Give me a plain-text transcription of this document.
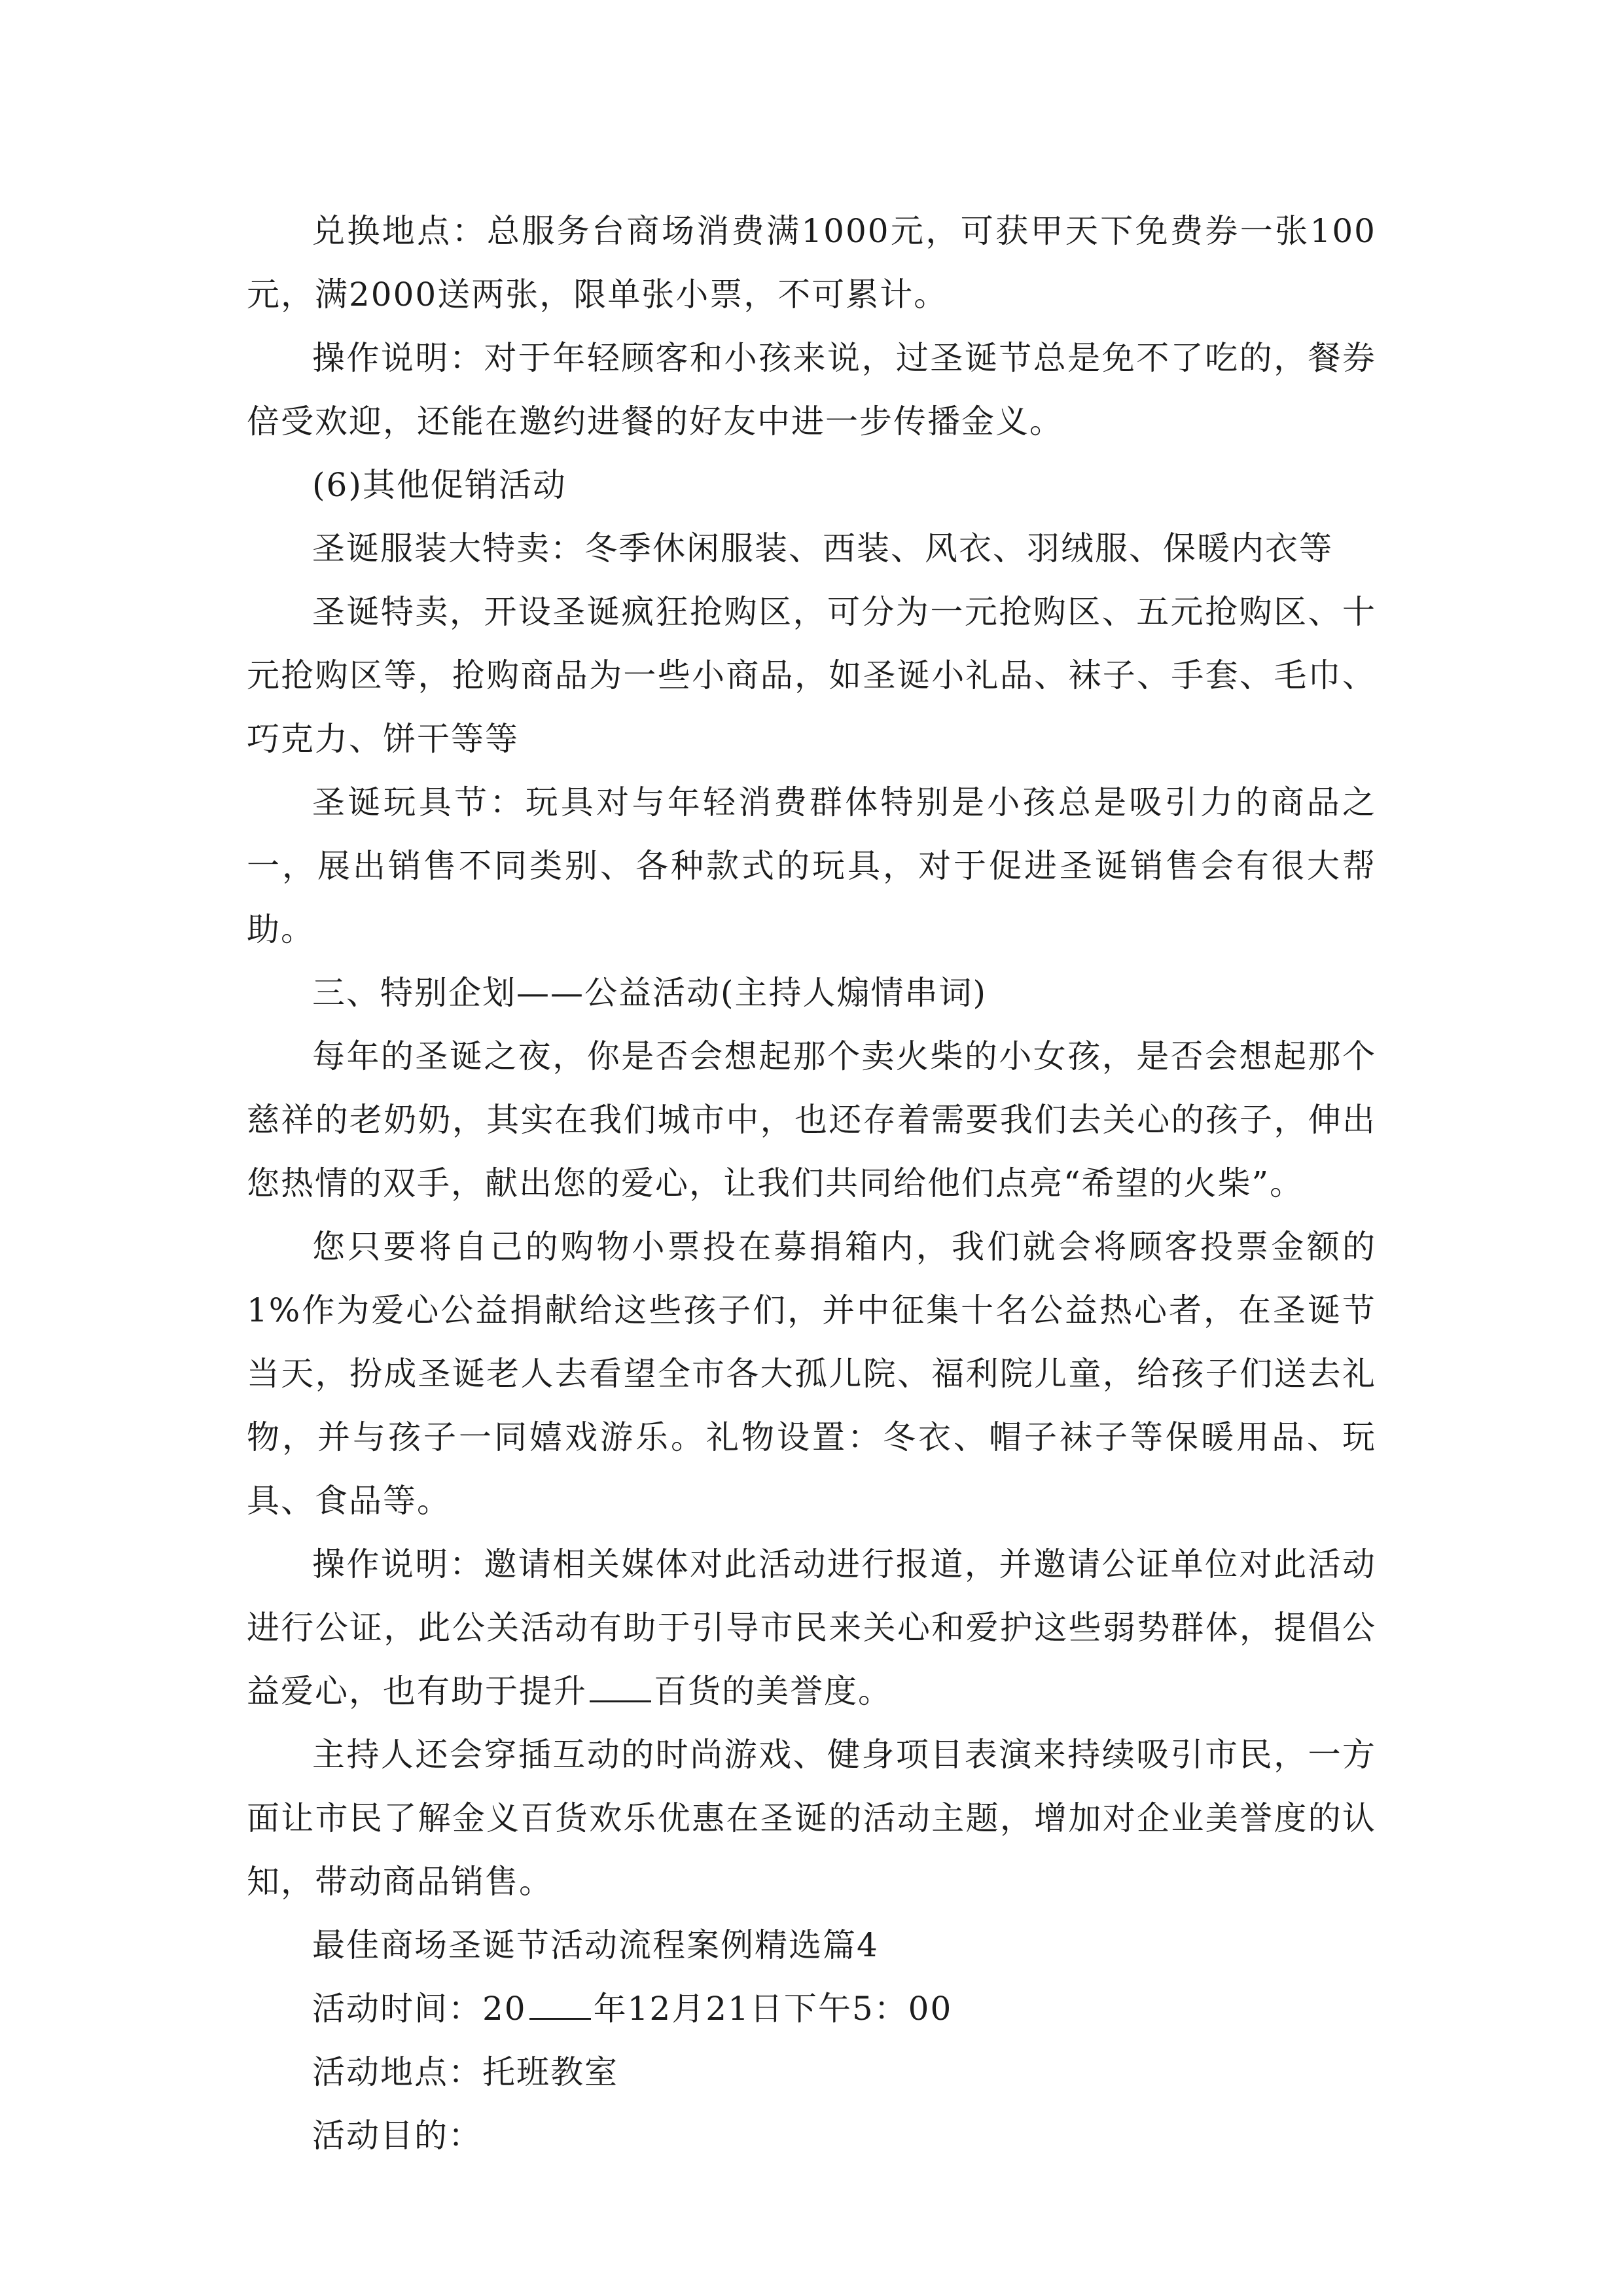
兑换地点：总服务台商场消费满1000元，可获甲天下免费券一张100元，满2000送两张，限单张小票，不可累计。

操作说明：对于年轻顾客和小孩来说，过圣诞节总是免不了吃的，餐券倍受欢迎，还能在邀约进餐的好友中进一步传播金义。

(6)其他促销活动

圣诞服装大特卖：冬季休闲服装、西装、风衣、羽绒服、保暖内衣等

圣诞特卖，开设圣诞疯狂抢购区，可分为一元抢购区、五元抢购区、十元抢购区等，抢购商品为一些小商品，如圣诞小礼品、袜子、手套、毛巾、巧克力、饼干等等

圣诞玩具节：玩具对与年轻消费群体特别是小孩总是吸引力的商品之一，展出销售不同类别、各种款式的玩具，对于促进圣诞销售会有很大帮助。

三、特别企划——公益活动(主持人煽情串词)

每年的圣诞之夜，你是否会想起那个卖火柴的小女孩，是否会想起那个慈祥的老奶奶，其实在我们城市中，也还存着需要我们去关心的孩子，伸出您热情的双手，献出您的爱心，让我们共同给他们点亮“希望的火柴”。

您只要将自己的购物小票投在募捐箱内，我们就会将顾客投票金额的1%作为爱心公益捐献给这些孩子们，并中征集十名公益热心者，在圣诞节当天，扮成圣诞老人去看望全市各大孤儿院、福利院儿童，给孩子们送去礼物，并与孩子一同嬉戏游乐。礼物设置：冬衣、帽子袜子等保暖用品、玩具、食品等。

操作说明：邀请相关媒体对此活动进行报道，并邀请公证单位对此活动进行公证，此公关活动有助于引导市民来关心和爱护这些弱势群体，提倡公益爱心，也有助于提升 百货的美誉度。

主持人还会穿插互动的时尚游戏、健身项目表演来持续吸引市民，一方面让市民了解金义百货欢乐优惠在圣诞的活动主题，增加对企业美誉度的认知，带动商品销售。

最佳商场圣诞节活动流程案例精选篇4

活动时间：20 年12月21日下午5：00

活动地点：托班教室

活动目的：
